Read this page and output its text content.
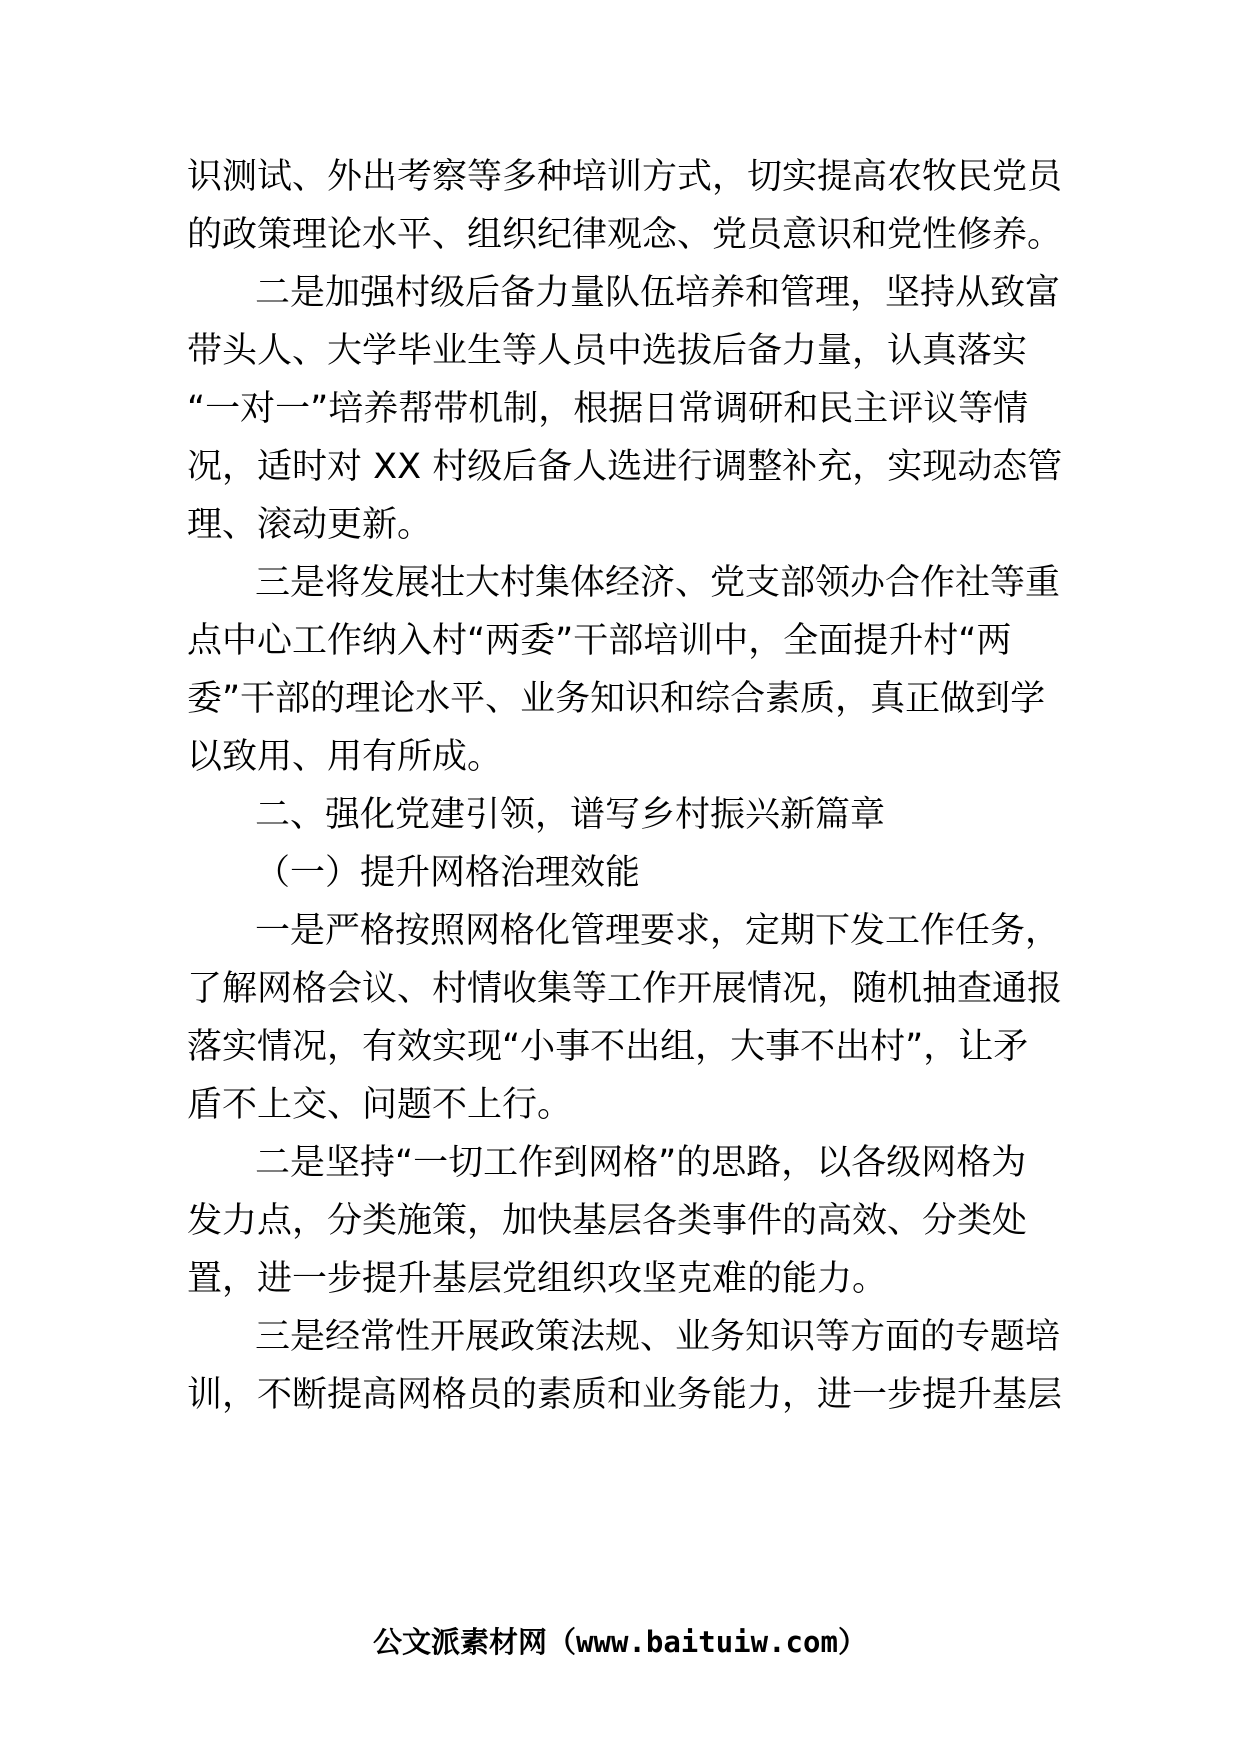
识测试、外出考察等多种培训方式，切实提高农牧民党员
的政策理论水平、组织纪律观念、党员意识和党性修养。
二是加强村级后备力量队伍培养和管理，坚持从致富
带头人、大学毕业生等人员中选拔后备力量，认真落实
“一对一”培养帮带机制，根据日常调研和民主评议等情
况，适时对 XX 村级后备人选进行调整补充，实现动态管
理、滚动更新。
三是将发展壮大村集体经济、党支部领办合作社等重
点中心工作纳入村“两委”干部培训中，全面提升村“两
委”干部的理论水平、业务知识和综合素质，真正做到学
以致用、用有所成。
二、强化党建引领，谱写乡村振兴新篇章
（一）提升网格治理效能
一是严格按照网格化管理要求，定期下发工作任务，
了解网格会议、村情收集等工作开展情况，随机抽查通报
落实情况，有效实现“小事不出组，大事不出村”，让矛
盾不上交、问题不上行。
二是坚持“一切工作到网格”的思路，以各级网格为
发力点，分类施策，加快基层各类事件的高效、分类处
置，进一步提升基层党组织攻坚克难的能力。
三是经常性开展政策法规、业务知识等方面的专题培
训，不断提高网格员的素质和业务能力，进一步提升基层
公文派素材网（www.baituiw.com）
